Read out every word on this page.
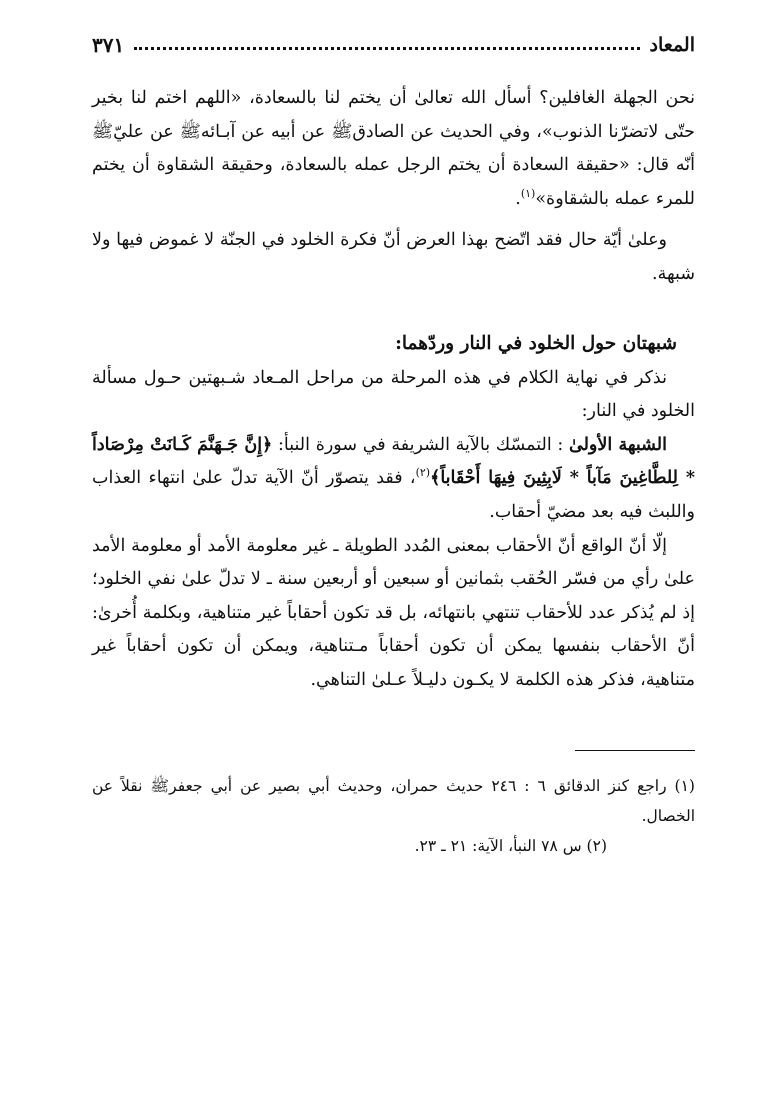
المعاد
٣٧١

نحن الجهلة الغافلين؟ أسأل الله تعالىٰ أن يختم لنا بالسعادة، «اللهم اختم لنا بخير حتّى لاتضرّنا الذنوب»، وفي الحديث عن الصادقﷺ عن أبيه عن آبـائهﷺ عن عليّﷺ أنّه قال: «حقيقة السعادة أن يختم الرجل عمله بالسعادة، وحقيقة الشقاوة أن يختم للمرء عمله بالشقاوة»$^{(١)}$.

وعلىٰ أيّة حال فقد اتّضح بهذا العرض أنّ فكرة الخلود في الجنّة لا غموض فيها ولا شبهة.

شبهتان حول الخلود في النار وردّهما:

نذكر في نهاية الكلام في هذه المرحلة من مراحل المـعاد شـبهتين حـول مسألة الخلود في النار:

الشبهة الأولىٰ : التمسّك بالآية الشريفة في سورة النبأ: ﴿إِنَّ جَـهَنَّمَ كَـانَتْ مِرْصَاداً * لِلطَّاغِينَ مَآباً * لَابِثِينَ فِيهَا أَحْقَاباً﴾$^{(٢)}$، فقد يتصوّر أنّ الآية تدلّ علىٰ انتهاء العذاب واللبث فيه بعد مضيّ أحقاب.

إلّا أنّ الواقع أنّ الأحقاب بمعنى المُدد الطويلة ـ غير معلومة الأمد أو معلومة الأمد علىٰ رأي من فسّر الحُقب بثمانين أو سبعين أو أربعين سنة ـ لا تدلّ علىٰ نفي الخلود؛ إذ لم يُذكر عدد للأحقاب تنتهي بانتهائه، بل قد تكون أحقاباً غير متناهية، وبكلمة أُخرىٰ: أنّ الأحقاب بنفسها يمكن أن تكون أحقاباً مـتناهية، ويمكن أن تكون أحقاباً غير متناهية، فذكر هذه الكلمة لا يكـون دليـلاً عـلىٰ التناهي.

(١) راجع كنز الدقائق ٦ : ٢٤٦ حديث حمران، وحديث أبي بصير عن أبي جعفرﷺ نقلاً عن الخصال.

(٢) س ٧٨ النبأ، الآية: ٢١ ـ ٢٣.
